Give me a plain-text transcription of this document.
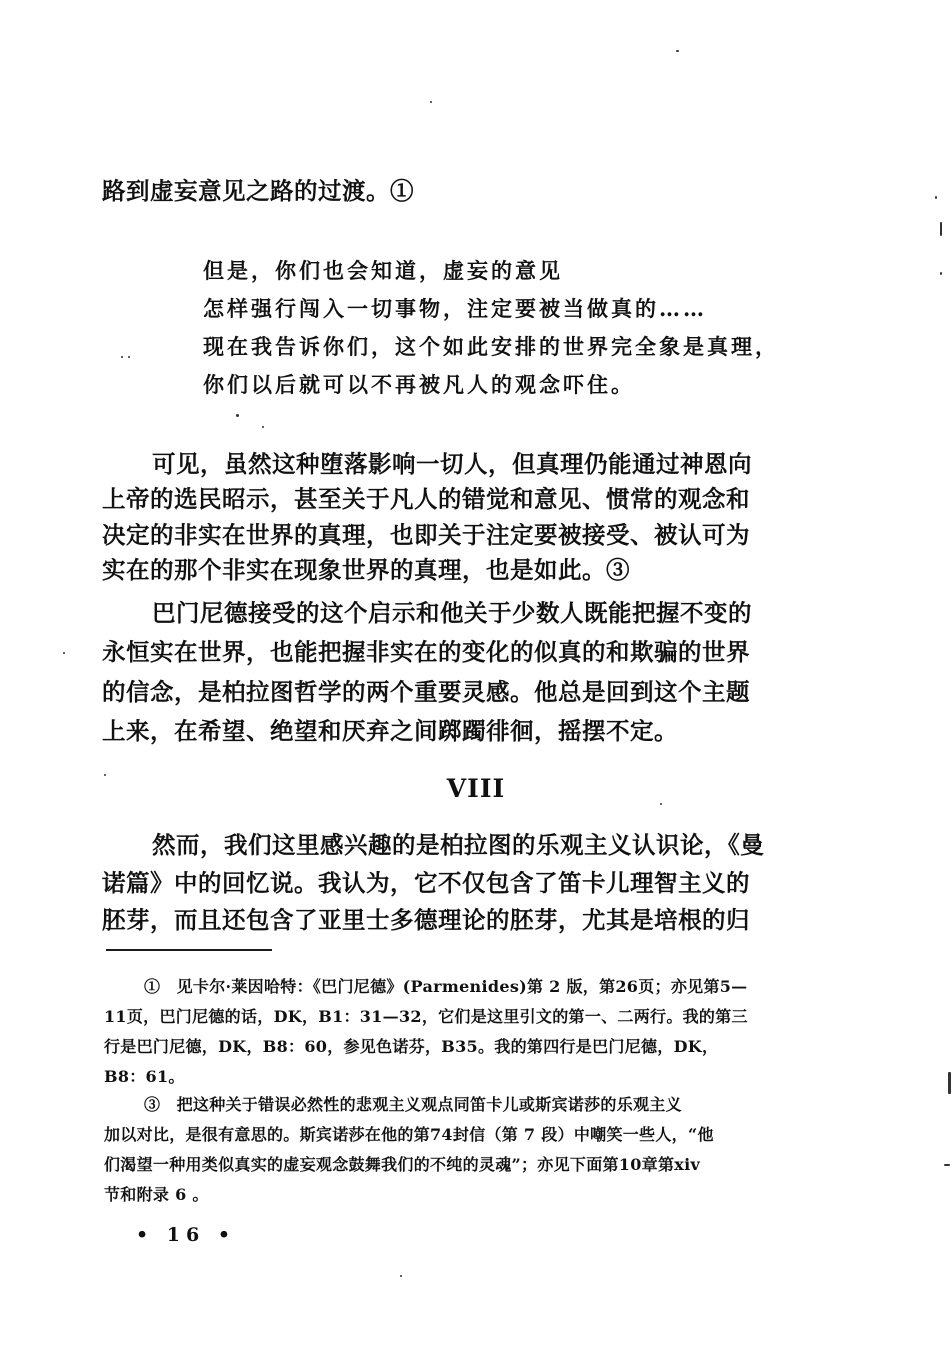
路到虚妄意见之路的过渡。①
但是，你们也会知道，虚妄的意见
怎样强行闯入一切事物，注定要被当做真的……
现在我告诉你们，这个如此安排的世界完全象是真理，
你们以后就可以不再被凡人的观念吓住。
可见，虽然这种堕落影响一切人，但真理仍能通过神恩向
上帝的选民昭示，甚至关于凡人的错觉和意见、惯常的观念和
决定的非实在世界的真理，也即关于注定要被接受、被认可为
实在的那个非实在现象世界的真理，也是如此。③
巴门尼德接受的这个启示和他关于少数人既能把握不变的
永恒实在世界，也能把握非实在的变化的似真的和欺骗的世界
的信念，是柏拉图哲学的两个重要灵感。他总是回到这个主题
上来，在希望、绝望和厌弃之间踯躅徘徊，摇摆不定。
VIII
然而，我们这里感兴趣的是柏拉图的乐观主义认识论，《曼
诺篇》中的回忆说。我认为，它不仅包含了笛卡儿理智主义的
胚芽，而且还包含了亚里士多德理论的胚芽，尤其是培根的归
①　见卡尔·莱因哈特：《巴门尼德》(Parmenides)第 2 版，第26页；亦见第5—
11页，巴门尼德的话，DK，B1：31—32，它们是这里引文的第一、二两行。我的第三
行是巴门尼德，DK，B8：60，参见色诺芬，B35。我的第四行是巴门尼德，DK，
B8：61。
③　把这种关于错误必然性的悲观主义观点同笛卡儿或斯宾诺莎的乐观主义
加以对比，是很有意思的。斯宾诺莎在他的第74封信（第 7 段）中嘲笑一些人，“他
们渴望一种用类似真实的虚妄观念鼓舞我们的不纯的灵魂”；亦见下面第10章第xiv
节和附录 6 。
• 16 •
